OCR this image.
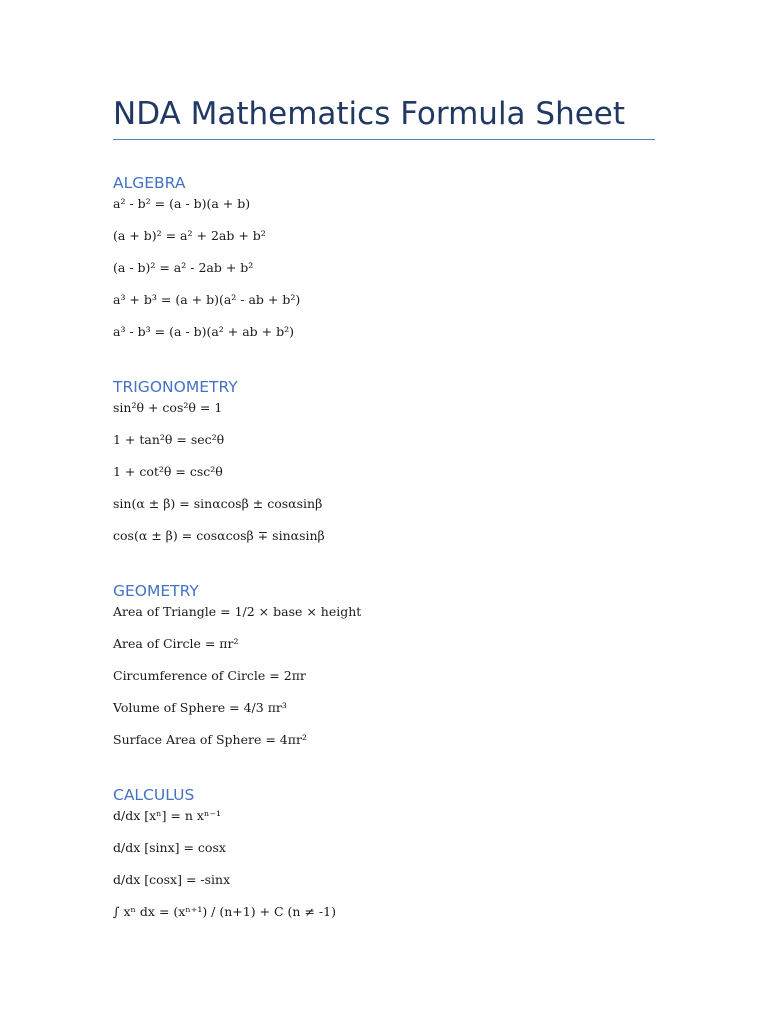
NDA Mathematics Formula Sheet
ALGEBRA
a² - b² = (a - b)(a + b)
(a + b)² = a² + 2ab + b²
(a - b)² = a² - 2ab + b²
a³ + b³ = (a + b)(a² - ab + b²)
a³ - b³ = (a - b)(a² + ab + b²)
TRIGONOMETRY
sin²θ + cos²θ = 1
1 + tan²θ = sec²θ
1 + cot²θ = csc²θ
sin(α ± β) = sinαcosβ ± cosαsinβ
cos(α ± β) = cosαcosβ ∓ sinαsinβ
GEOMETRY
Area of Triangle = 1/2 × base × height
Area of Circle = πr²
Circumference of Circle = 2πr
Volume of Sphere = 4/3 πr³
Surface Area of Sphere = 4πr²
CALCULUS
d/dx [xⁿ] = n xⁿ⁻¹
d/dx [sinx] = cosx
d/dx [cosx] = -sinx
∫ xⁿ dx = (xⁿ⁺¹) / (n+1) + C (n ≠ -1)
